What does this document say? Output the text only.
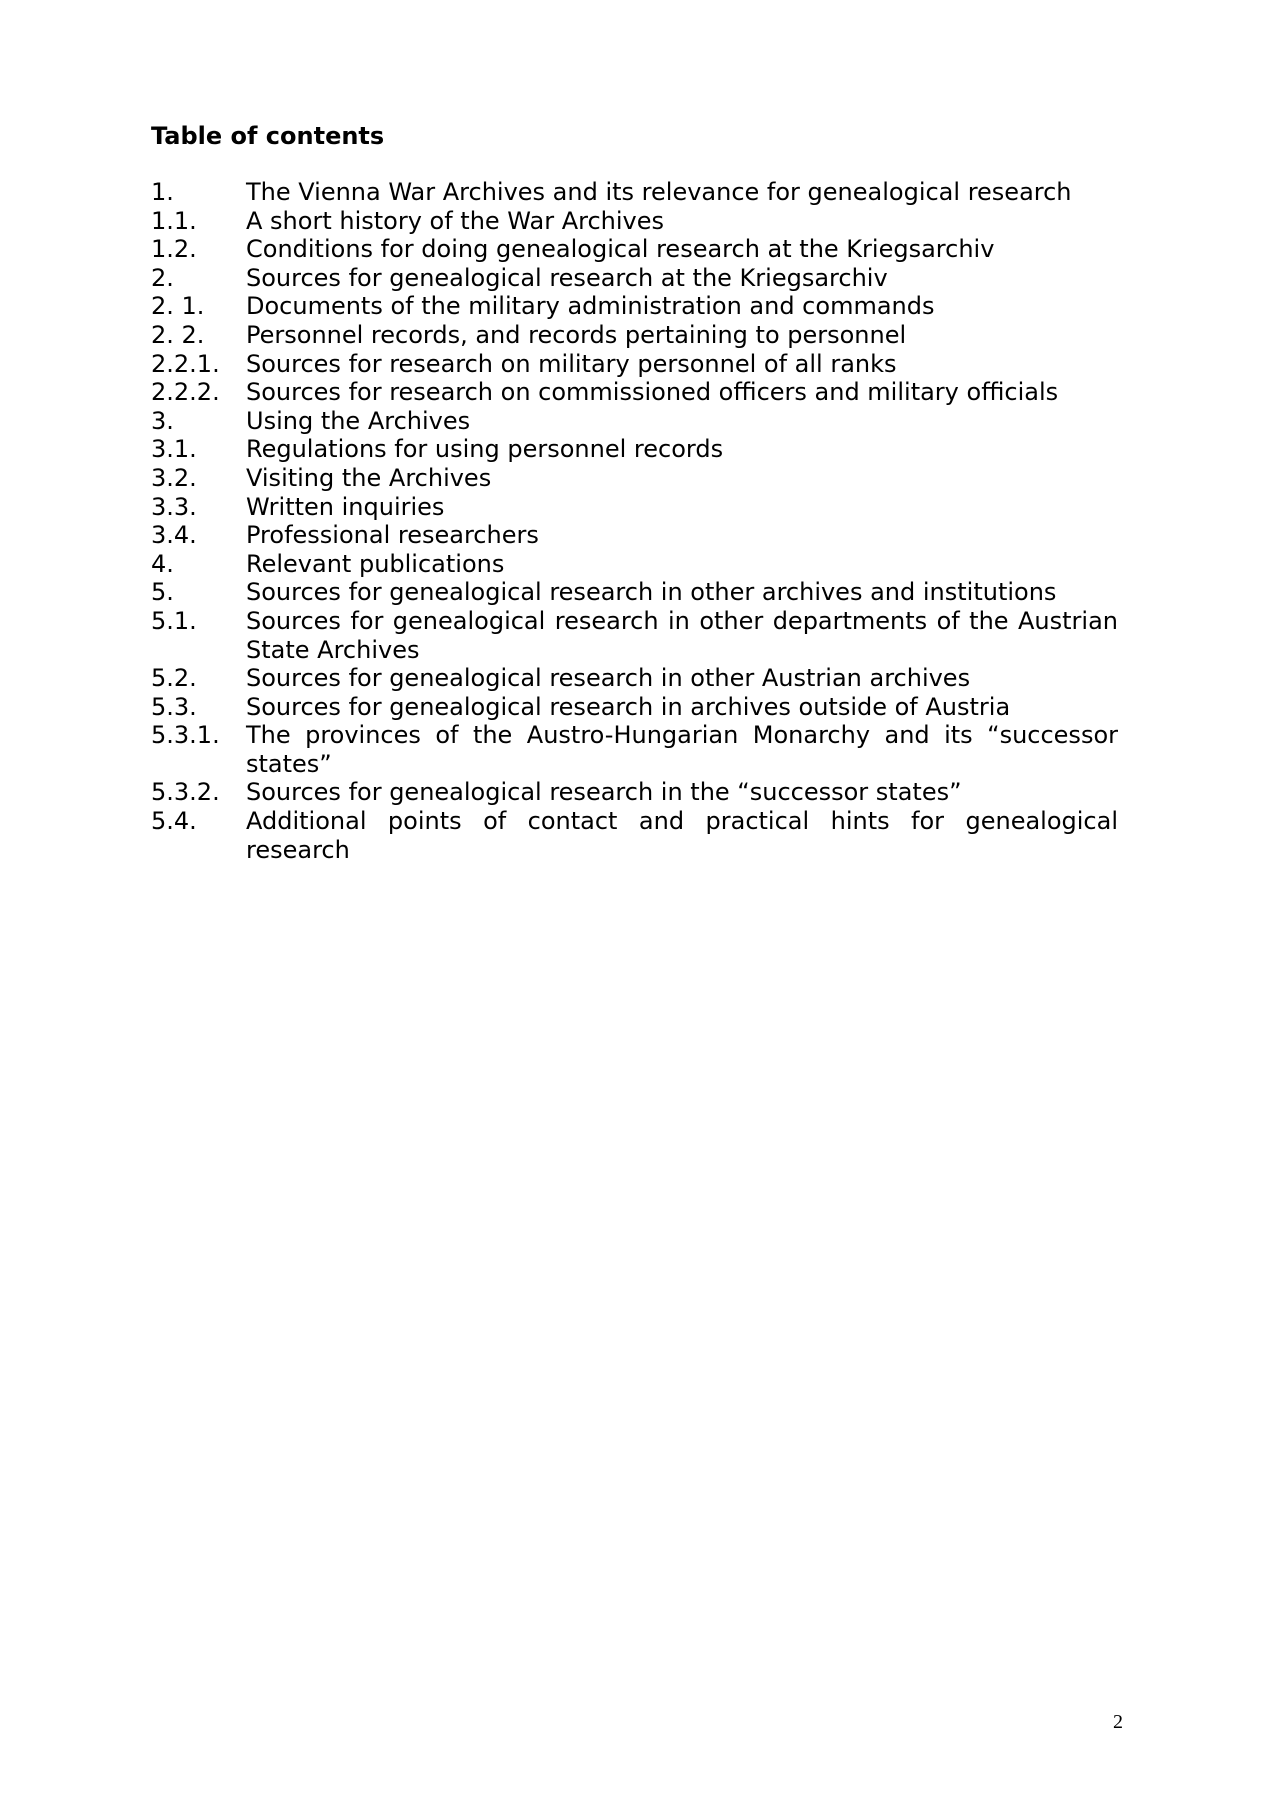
Table of contents
1.	The Vienna War Archives and its relevance for genealogical research
1.1.	A short history of the War Archives
1.2.	Conditions for doing genealogical research at the Kriegsarchiv
2.	Sources for genealogical research at the Kriegsarchiv
2. 1.	Documents of the military administration and commands
2. 2.	Personnel records, and records pertaining to personnel
2.2.1.	Sources for research on military personnel of all ranks
2.2.2.	Sources for research on commissioned officers and military officials
3.	Using the Archives
3.1.	Regulations for using personnel records
3.2.	Visiting the Archives
3.3.	Written inquiries
3.4.	Professional researchers
4.	Relevant publications
5.	Sources for genealogical research in other archives and institutions
5.1.	Sources for genealogical research in other departments of the Austrian State Archives
5.2.	Sources for genealogical research in other Austrian archives
5.3.	Sources for genealogical research in archives outside of Austria
5.3.1.	The provinces of the Austro-Hungarian Monarchy and its “successor states”
5.3.2.	Sources for genealogical research in the “successor states”
5.4.	Additional points of contact and practical hints for genealogical research
2
